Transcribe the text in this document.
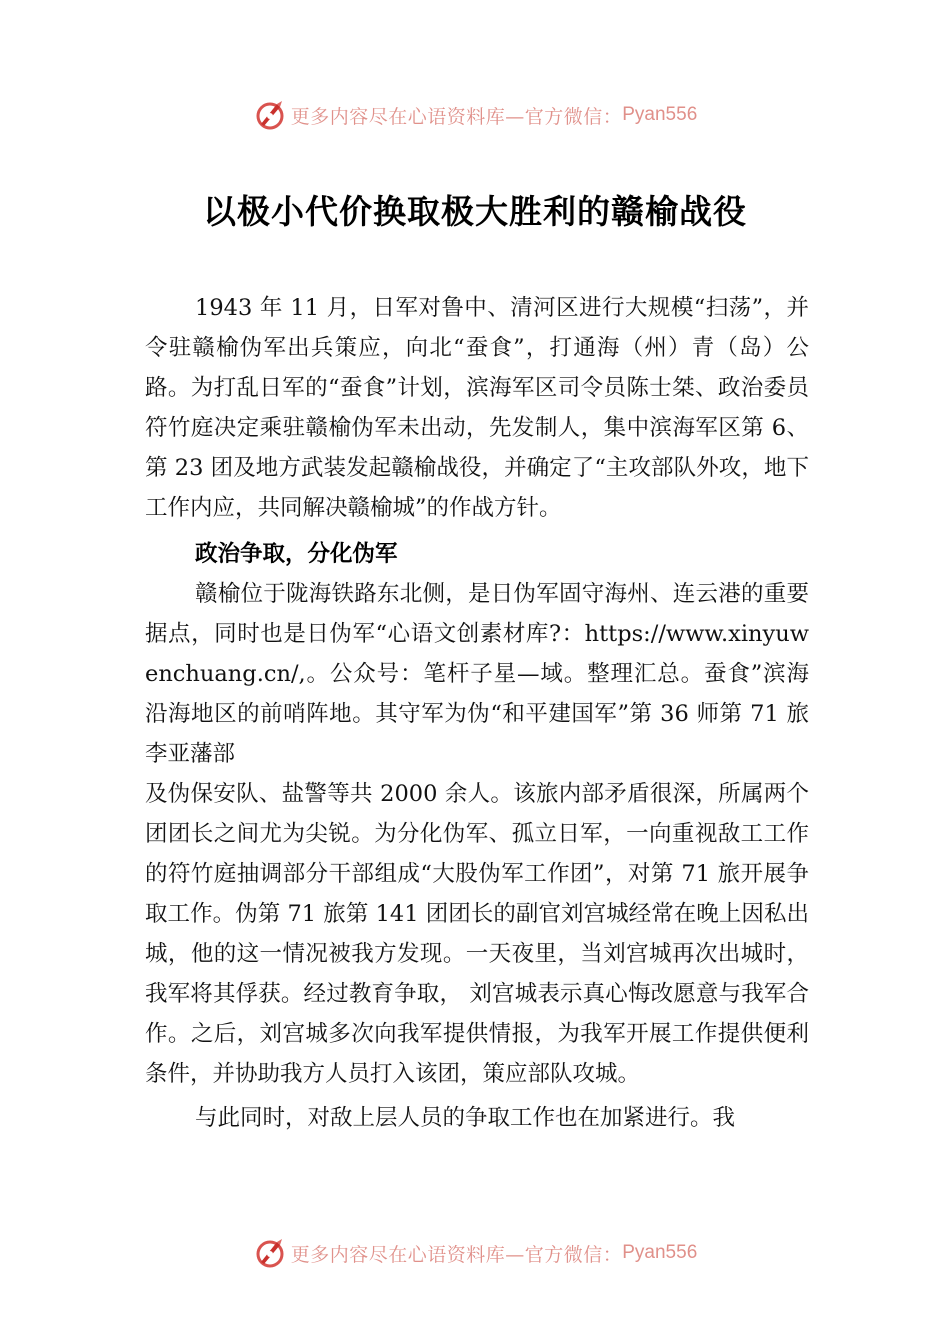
更多内容尽在心语资料库—官方微信： Pyan556
以极小代价换取极大胜利的赣榆战役

1943 年 11 月，日军对鲁中、清河区进行大规模“扫荡”，并令驻赣榆伪军出兵策应，向北“蚕食”，打通海（州）青（岛）公路。为打乱日军的“蚕食”计划，滨海军区司令员陈士桀、政治委员符竹庭决定乘驻赣榆伪军未出动，先发制人，集中滨海军区第 6、第 23 团及地方武装发起赣榆战役，并确定了“主攻部队外攻，地下工作内应，共同解决赣榆城”的作战方针。

政治争取，分化伪军

赣榆位于陇海铁路东北侧，是日伪军固守海州、连云港的重要据点，同时也是日伪军“心语文创素材库?：https://www.xinyuwenchuang.cn/,。公众号：笔杆子星—域。整理汇总。蚕食”滨海沿海地区的前哨阵地。其守军为伪“和平建国军”第 36 师第 71 旅李亚藩部

及伪保安队、盐警等共 2000 余人。该旅内部矛盾很深，所属两个团团长之间尤为尖锐。为分化伪军、孤立日军，一向重视敌工工作的符竹庭抽调部分干部组成“大股伪军工作团”，对第 71 旅开展争取工作。伪第 71 旅第 141 团团长的副官刘宫城经常在晚上因私出城，他的这一情况被我方发现。一天夜里，当刘宫城再次出城时，我军将其俘获。经过教育争取， 刘宫城表示真心悔改愿意与我军合作。之后，刘宫城多次向我军提供情报，为我军开展工作提供便利条件，并协助我方人员打入该团，策应部队攻城。

与此同时，对敌上层人员的争取工作也在加紧进行。我

更多内容尽在心语资料库—官方微信： Pyan556
